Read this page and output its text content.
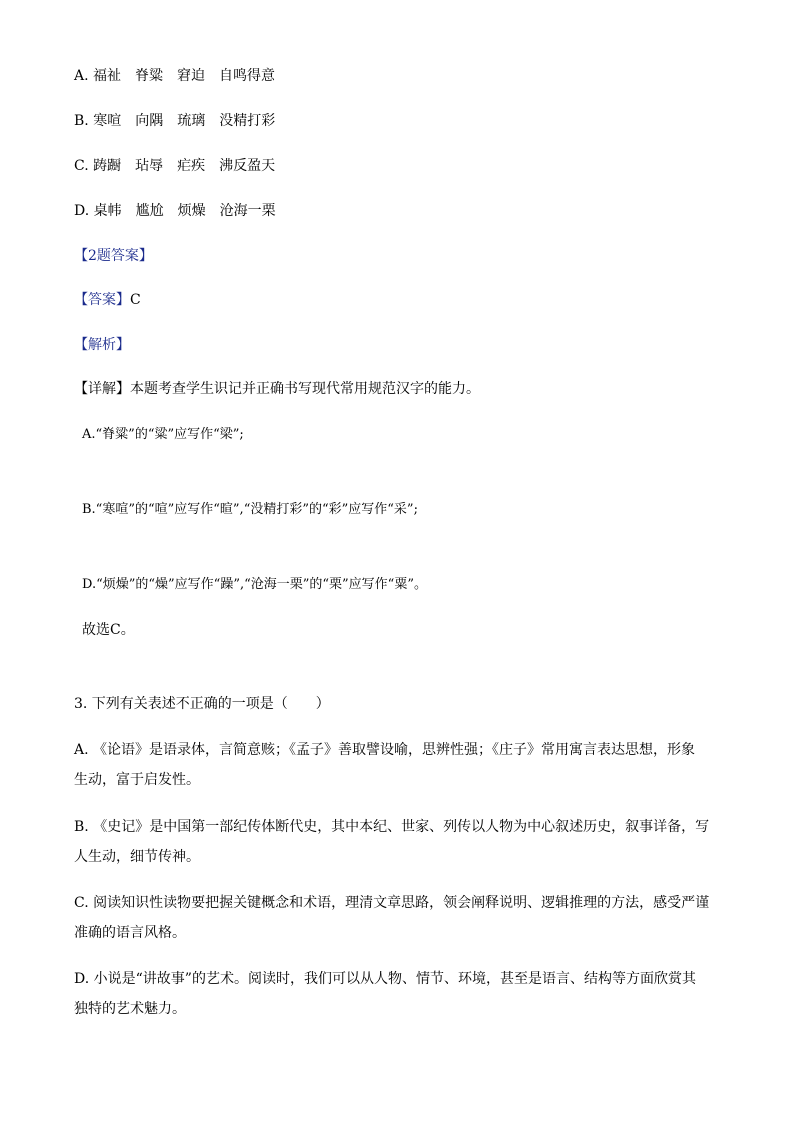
A. 福祉　脊粱　窘迫　自鸣得意
B. 寒喧　向隅　琉璃　没精打彩
C. 踌蹰　玷辱　疟疾　沸反盈天
D. 桌帏　尴尬　烦燥　沧海一栗
【2题答案】
【答案】C
【解析】
【详解】本题考查学生识记并正确书写现代常用规范汉字的能力。
A.“脊粱”的“粱”应写作“梁”;
B.“寒喧”的“喧”应写作“暄”,“没精打彩”的“彩”应写作“采”;
D.“烦燥”的“燥”应写作“躁”,“沧海一栗”的“栗”应写作“粟”。
故选C。
3. 下列有关表述不正确的一项是（　　）
A. 《论语》是语录体，言简意赅；《孟子》善取譬设喻，思辨性强；《庄子》常用寓言表达思想，形象
生动，富于启发性。
B. 《史记》是中国第一部纪传体断代史，其中本纪、世家、列传以人物为中心叙述历史，叙事详备，写
人生动，细节传神。
C. 阅读知识性读物要把握关键概念和术语，理清文章思路，领会阐释说明、逻辑推理的方法，感受严谨
准确的语言风格。
D. 小说是“讲故事”的艺术。阅读时，我们可以从人物、情节、环境，甚至是语言、结构等方面欣赏其
独特的艺术魅力。
